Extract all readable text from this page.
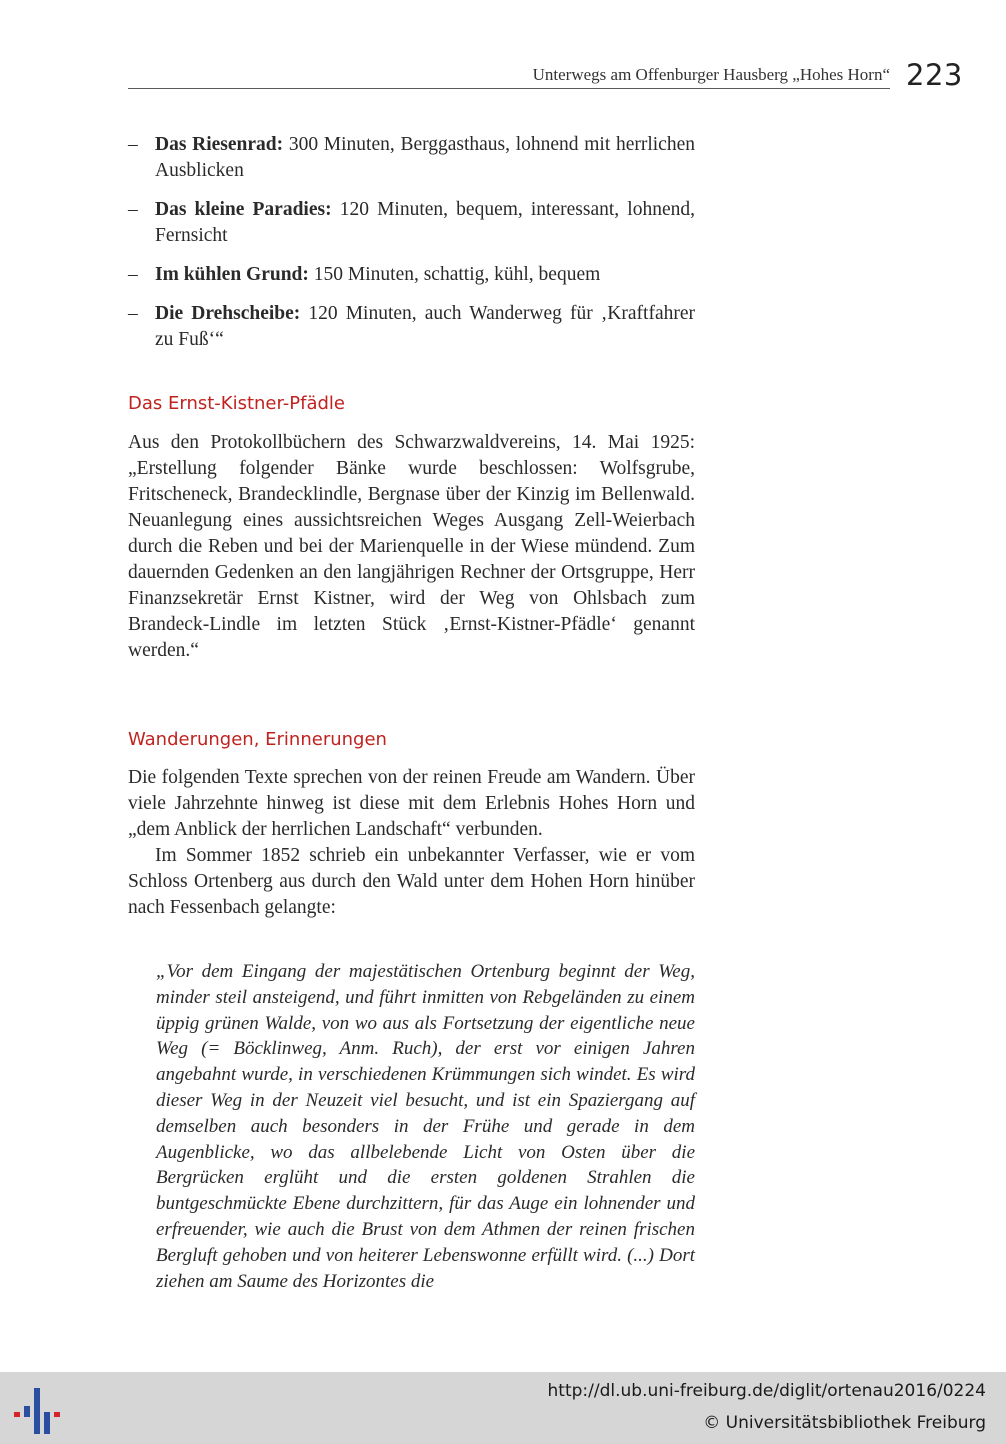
Unterwegs am Offenburger Hausberg „Hohes Horn“ 223
– Das Riesenrad: 300 Minuten, Berggasthaus, lohnend mit herrlichen Ausblicken
– Das kleine Paradies: 120 Minuten, bequem, interessant, lohnend, Fernsicht
– Im kühlen Grund: 150 Minuten, schattig, kühl, bequem
– Die Drehscheibe: 120 Minuten, auch Wanderweg für ‚Kraftfahrer zu Fuß‘“
Das Ernst-Kistner-Pfädle

Aus den Protokollbüchern des Schwarzwaldvereins, 14. Mai 1925: „Erstellung folgender Bänke wurde beschlossen: Wolfsgrube, Fritscheneck, Brandecklindle, Bergnase über der Kinzig im Bellenwald. Neuanlegung eines aussichtsreichen Weges Ausgang Zell-Weierbach durch die Reben und bei der Marienquelle in der Wiese mündend. Zum dauernden Gedenken an den langjährigen Rechner der Ortsgruppe, Herr Finanzsekretär Ernst Kistner, wird der Weg von Ohlsbach zum Brandeck-Lindle im letzten Stück ‚Ernst-Kistner-Pfädle‘ genannt werden.“

Wanderungen, Erinnerungen

Die folgenden Texte sprechen von der reinen Freude am Wandern. Über viele Jahrzehnte hinweg ist diese mit dem Erlebnis Hohes Horn und „dem Anblick der herrlichen Landschaft“ verbunden.

Im Sommer 1852 schrieb ein unbekannter Verfasser, wie er vom Schloss Ortenberg aus durch den Wald unter dem Hohen Horn hinüber nach Fessenbach gelangte:

„Vor dem Eingang der majestätischen Ortenburg beginnt der Weg, minder steil ansteigend, und führt inmitten von Rebgeländen zu einem üppig grünen Walde, von wo aus als Fortsetzung der eigentliche neue Weg (= Böcklinweg, Anm. Ruch), der erst vor einigen Jahren angebahnt wurde, in verschiedenen Krümmungen sich windet. Es wird dieser Weg in der Neuzeit viel besucht, und ist ein Spaziergang auf demselben auch besonders in der Frühe und gerade in dem Augenblicke, wo das allbelebende Licht von Osten über die Bergrücken erglüht und die ersten goldenen Strahlen die buntgeschmückte Ebene durchzittern, für das Auge ein lohnender und erfreuender, wie auch die Brust von dem Athmen der reinen frischen Bergluft gehoben und von heiterer Lebenswonne erfüllt wird. (...) Dort ziehen am Saume des Horizontes die
http://dl.ub.uni-freiburg.de/diglit/ortenau2016/0224
© Universitätsbibliothek Freiburg
